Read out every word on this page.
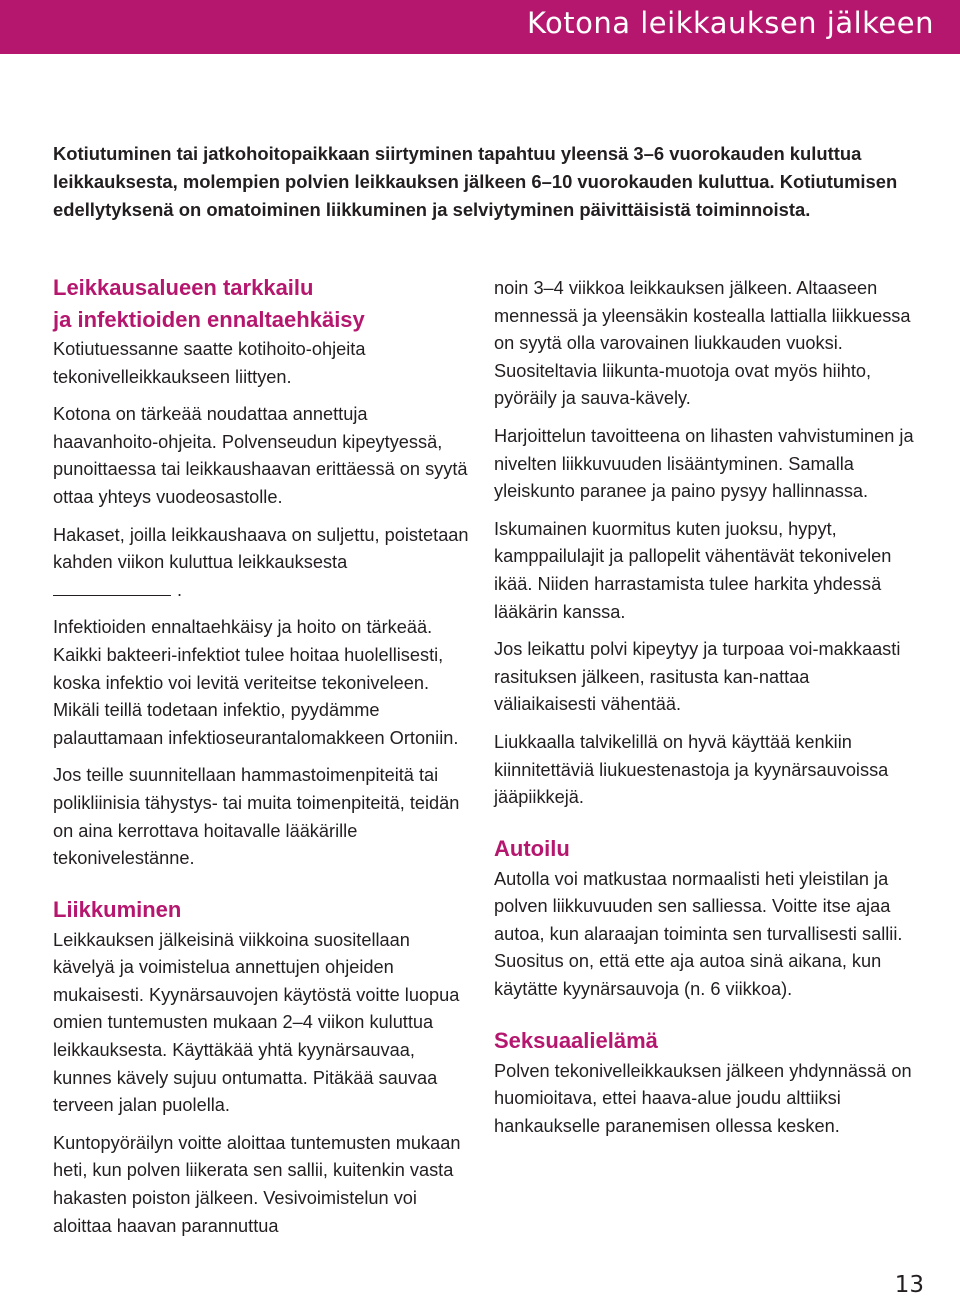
Kotona leikkauksen jälkeen

Kotiutuminen tai jatkohoitopaikkaan siirtyminen tapahtuu yleensä 3–6 vuorokauden kuluttua leikkauksesta, molempien polvien leikkauksen jälkeen 6–10 vuorokauden kuluttua. Kotiutumisen edellytyksenä on omatoiminen liikkuminen ja selviytyminen päivittäisistä toiminnoista.

Leikkausalueen tarkkailu
ja infektioiden ennaltaehkäisy

Kotiutuessanne saatte kotihoito-ohjeita tekonivelleikkaukseen liittyen.

Kotona on tärkeää noudattaa annettuja haavanhoito-ohjeita. Polvenseudun kipeytyessä, punoittaessa tai leikkaushaavan erittäessä on syytä ottaa yhteys vuodeosastolle.

Hakaset, joilla leikkaushaava on suljettu, poistetaan kahden viikon kuluttua leikkauksesta
.

Infektioiden ennaltaehkäisy ja hoito on tärkeää. Kaikki bakteeri-infektiot tulee hoitaa huolellisesti, koska infektio voi levitä veriteitse tekoniveleen. Mikäli teillä todetaan infektio, pyydämme palauttamaan infektioseurantalomakkeen Ortoniin.

Jos teille suunnitellaan hammastoimenpiteitä tai polikliinisia tähystys- tai muita toimenpiteitä, teidän on aina kerrottava hoitavalle lääkärille tekonivelestänne.

Liikkuminen

Leikkauksen jälkeisinä viikkoina suositellaan kävelyä ja voimistelua annettujen ohjeiden mukaisesti. Kyynärsauvojen käytöstä voitte luopua omien tuntemusten mukaan 2–4 viikon kuluttua leikkauksesta. Käyttäkää yhtä kyynärsauvaa, kunnes kävely sujuu ontumatta. Pitäkää sauvaa terveen jalan puolella.

Kuntopyöräilyn voitte aloittaa tuntemusten mukaan heti, kun polven liikerata sen sallii, kuitenkin vasta hakasten poiston jälkeen. Vesivoimistelun voi aloittaa haavan parannuttua

noin 3–4 viikkoa leikkauksen jälkeen. Altaaseen mennessä ja yleensäkin kostealla lattialla liikkuessa on syytä olla varovainen liukkauden vuoksi. Suositeltavia liikunta-muotoja ovat myös hiihto, pyöräily ja sauva-kävely.

Harjoittelun tavoitteena on lihasten vahvistuminen ja nivelten liikkuvuuden lisääntyminen. Samalla yleiskunto paranee ja paino pysyy hallinnassa.

Iskumainen kuormitus kuten juoksu, hypyt, kamppailulajit ja pallopelit vähentävät tekonivelen ikää. Niiden harrastamista tulee harkita yhdessä lääkärin kanssa.

Jos leikattu polvi kipeytyy ja turpoaa voi-makkaasti rasituksen jälkeen, rasitusta kan-nattaa väliaikaisesti vähentää.

Liukkaalla talvikelillä on hyvä käyttää kenkiin kiinnitettäviä liukuestenastoja ja kyynärsauvoissa jääpiikkejä.

Autoilu

Autolla voi matkustaa normaalisti heti yleistilan ja polven liikkuvuuden sen salliessa. Voitte itse ajaa autoa, kun alaraajan toiminta sen turvallisesti sallii. Suositus on, että ette aja autoa sinä aikana, kun käytätte kyynärsauvoja (n. 6 viikkoa).

Seksuaalielämä

Polven tekonivelleikkauksen jälkeen yhdynnässä on huomioitava, ettei haava-alue joudu alttiiksi hankaukselle paranemisen ollessa kesken.

13
